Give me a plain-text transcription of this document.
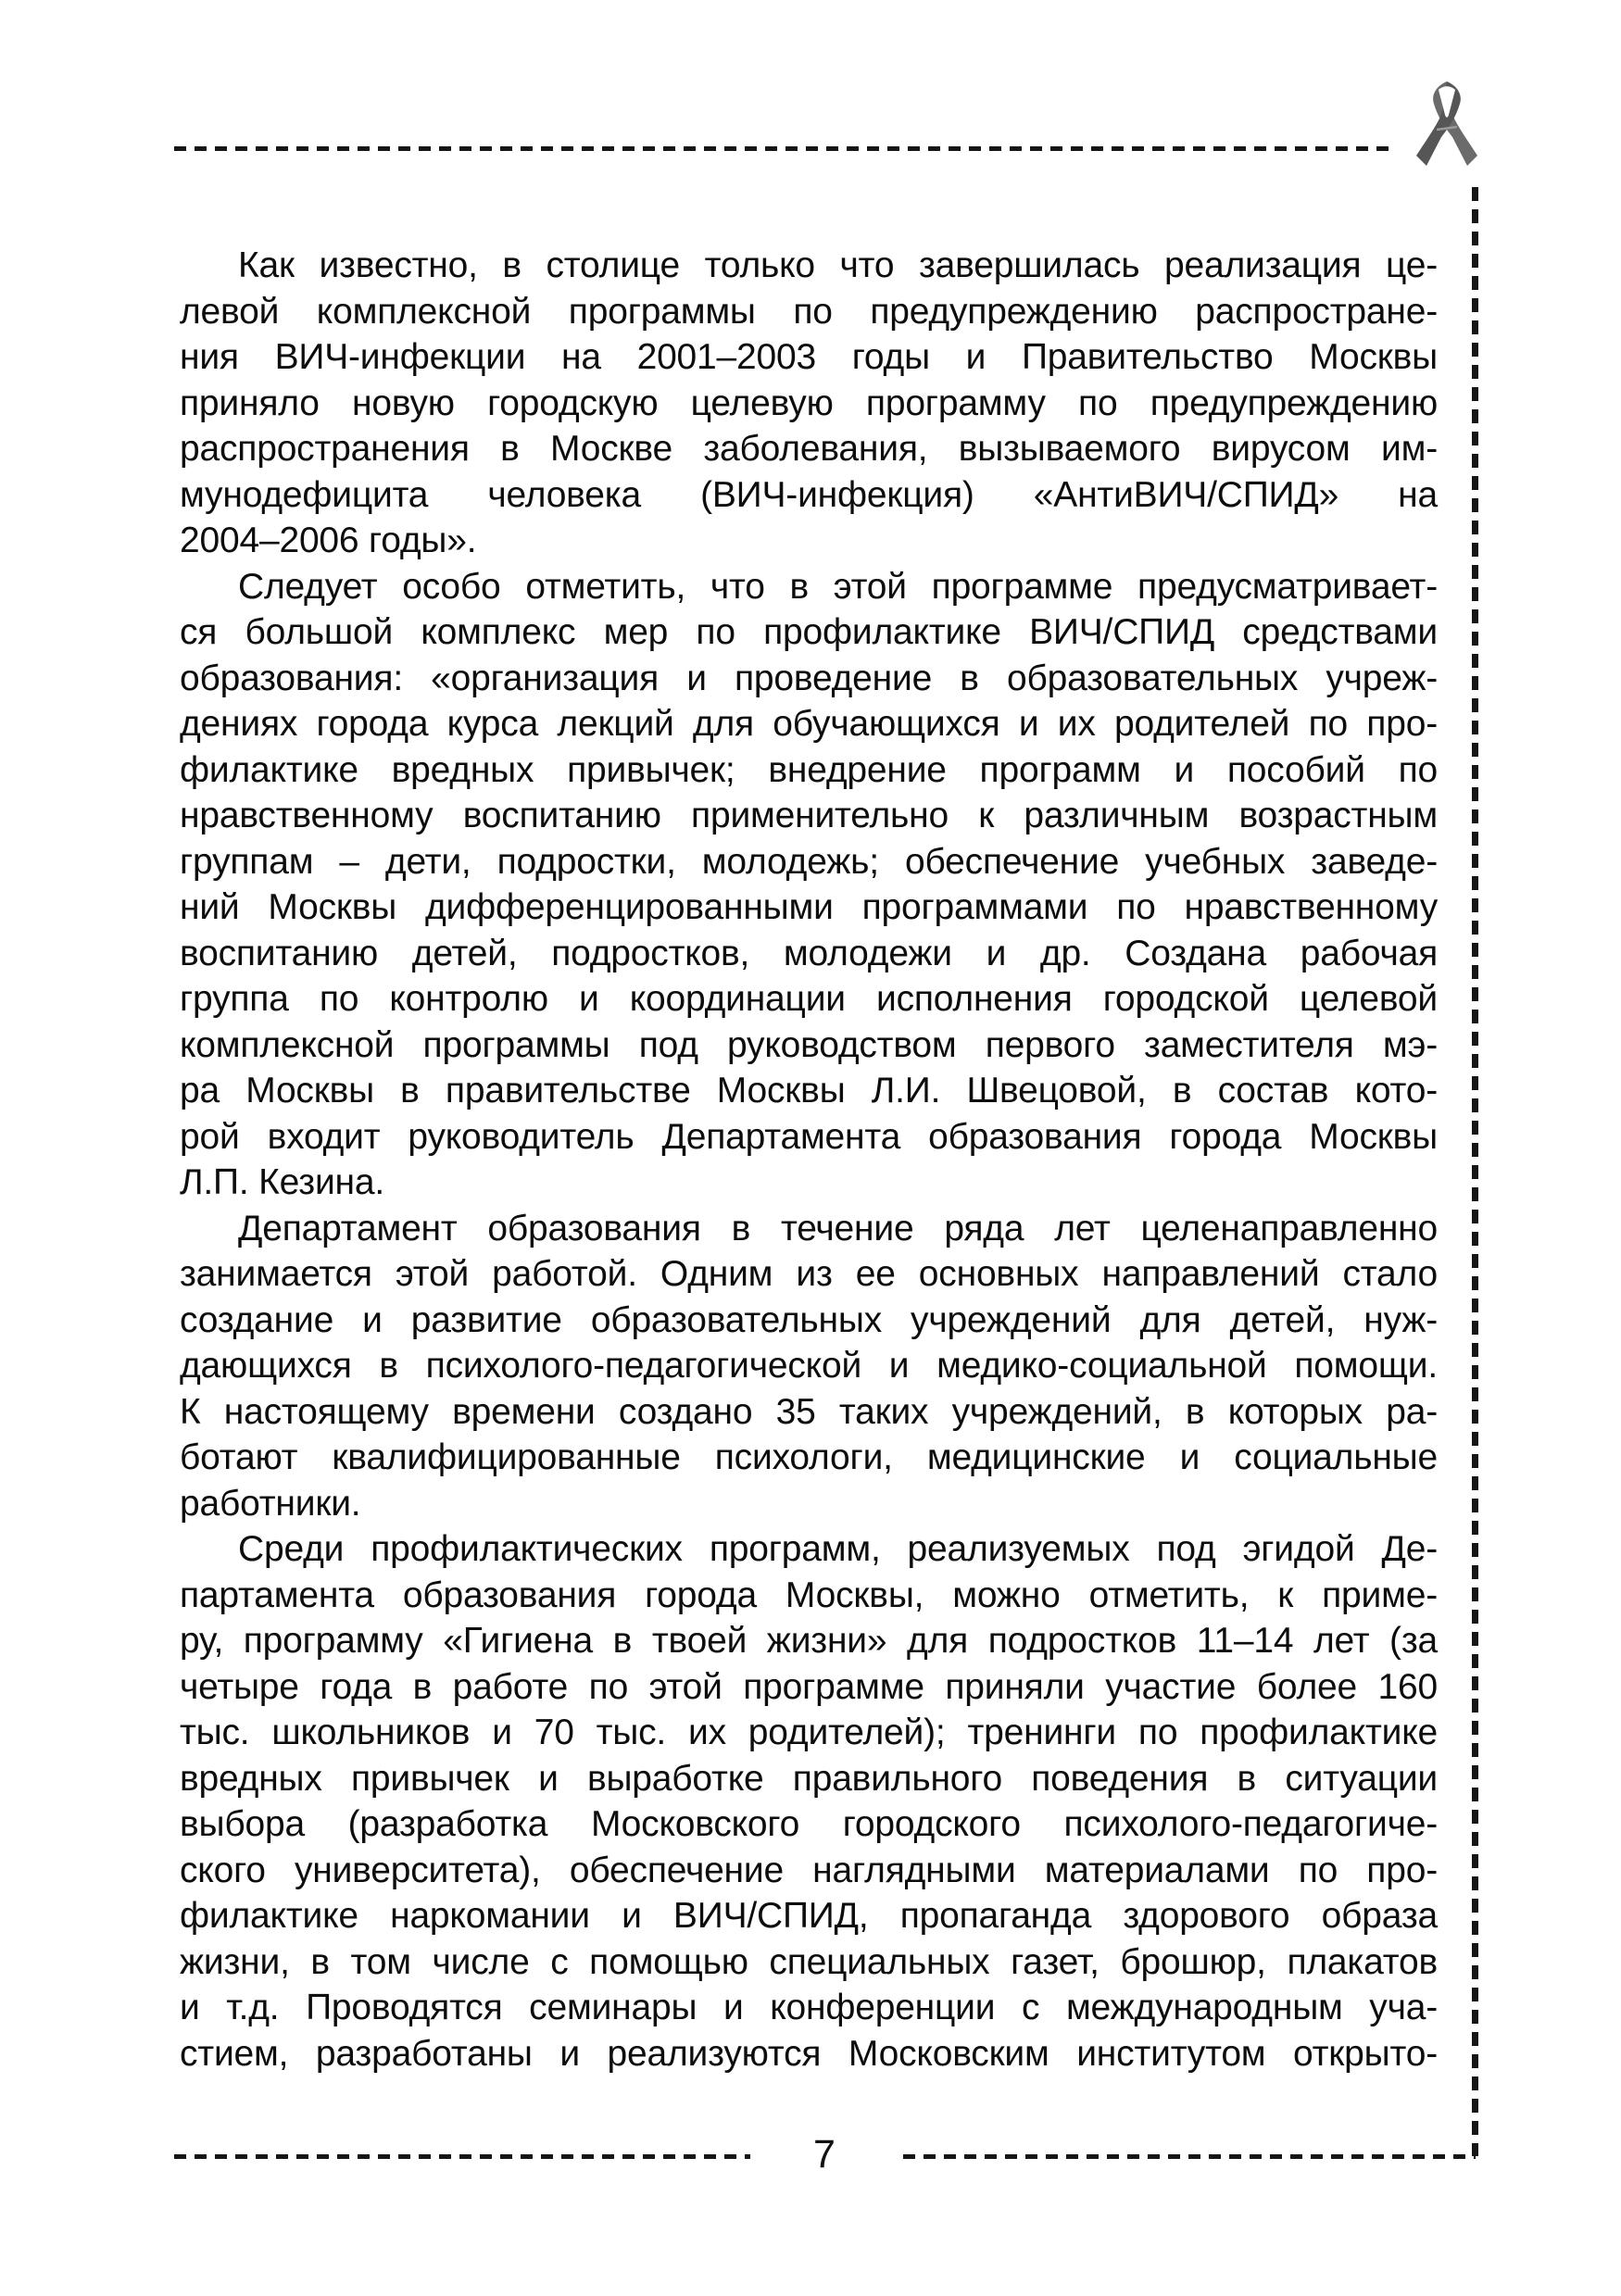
Как известно, в столице только что завершилась реализация це-
левой комплексной программы по предупреждению распростране-
ния ВИЧ-инфекции на 2001–2003 годы и Правительство Москвы
приняло новую городскую целевую программу по предупреждению
распространения в Москве заболевания, вызываемого вирусом им-
мунодефицита человека (ВИЧ-инфекция) «АнтиВИЧ/СПИД» на
2004–2006 годы».
Следует особо отметить, что в этой программе предусматривает-
ся большой комплекс мер по профилактике ВИЧ/СПИД средствами
образования: «организация и проведение в образовательных учреж-
дениях города курса лекций для обучающихся и их родителей по про-
филактике вредных привычек; внедрение программ и пособий по
нравственному воспитанию применительно к различным возрастным
группам – дети, подростки, молодежь; обеспечение учебных заведе-
ний Москвы дифференцированными программами по нравственному
воспитанию детей, подростков, молодежи и др. Создана рабочая
группа по контролю и координации исполнения городской целевой
комплексной программы под руководством первого заместителя мэ-
ра Москвы в правительстве Москвы Л.И. Швецовой, в состав кото-
рой входит руководитель Департамента образования города Москвы
Л.П. Кезина.
Департамент образования в течение ряда лет целенаправленно
занимается этой работой. Одним из ее основных направлений стало
создание и развитие образовательных учреждений для детей, нуж-
дающихся в психолого-педагогической и медико-социальной помощи.
К настоящему времени создано 35 таких учреждений, в которых ра-
ботают квалифицированные психологи, медицинские и социальные
работники.
Среди профилактических программ, реализуемых под эгидой Де-
партамента образования города Москвы, можно отметить, к приме-
ру, программу «Гигиена в твоей жизни» для подростков 11–14 лет (за
четыре года в работе по этой программе приняли участие более 160
тыс. школьников и 70 тыс. их родителей); тренинги по профилактике
вредных привычек и выработке правильного поведения в ситуации
выбора (разработка Московского городского психолого-педагогиче-
ского университета), обеспечение наглядными материалами по про-
филактике наркомании и ВИЧ/СПИД, пропаганда здорового образа
жизни, в том числе с помощью специальных газет, брошюр, плакатов
и т.д. Проводятся семинары и конференции с международным уча-
стием, разработаны и реализуются Московским институтом открыто-
7
